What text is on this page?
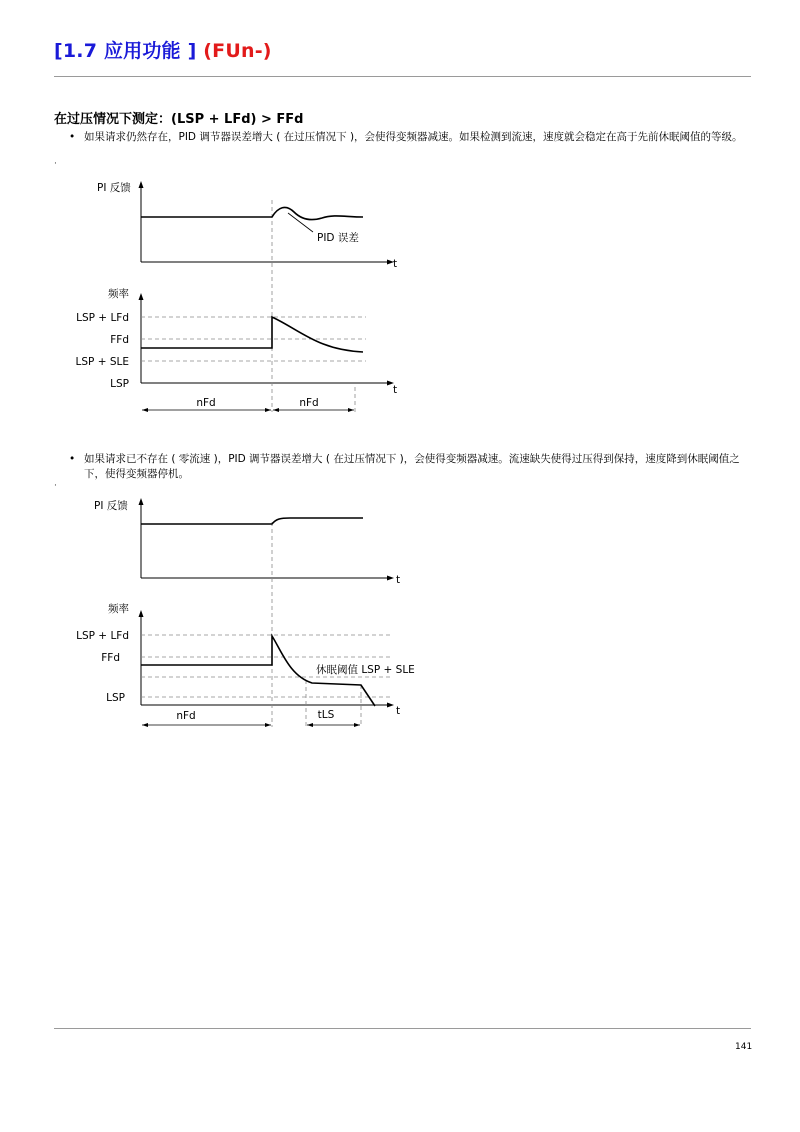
[1.7 应用功能 ] (FUn-)
在过压情况下测定：(LSP + LFd) > FFd
• 如果请求仍然存在，PID 调节器误差增大 ( 在过压情况下 )，会使得变频器减速。如果检测到流速，速度就会稳定在高于先前休眠阈值的等级。
·
PI 反馈
PID 误差
t
频率
LSP + LFd
FFd
LSP + SLE
LSP	t
nFd	nFd
• 如果请求已不存在 ( 零流速 )，PID 调节器误差增大 ( 在过压情况下 )，会使得变频器减速。流速缺失使得过压得到保持，速度降到休眠阈值之下，使得变频器停机。
·
PI 反馈
t
频率
LSP + LFd
FFd
LSP
休眠阈值 LSP + SLE
t
nFd	tLS
141
